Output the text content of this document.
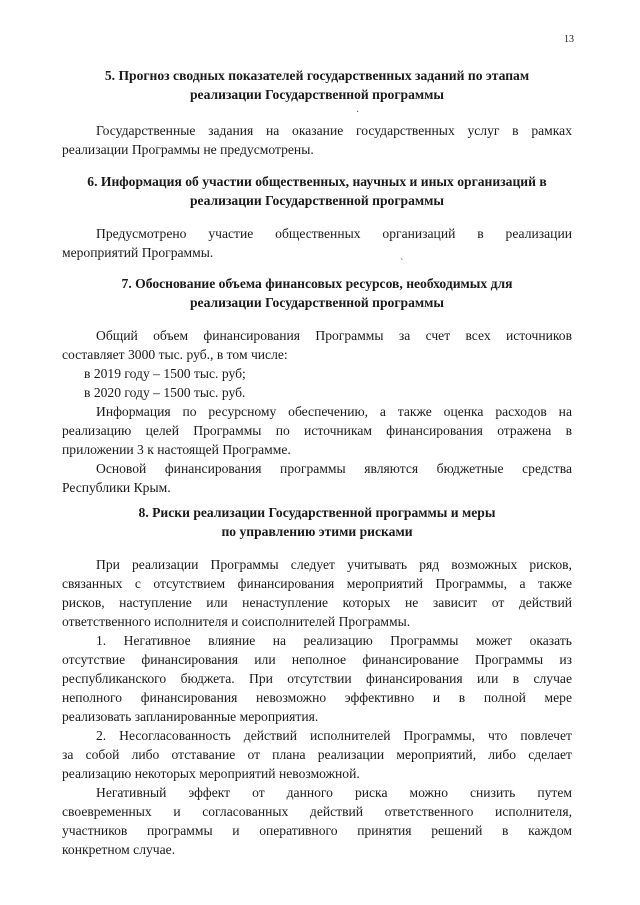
13
5. Прогноз сводных показателей государственных заданий по этапам
реализации Государственной программы
·
Государственные задания на оказание государственных услуг в рамках
реализации Программы не предусмотрены.
6. Информация об участии общественных, научных и иных организаций в
реализации Государственной программы
Предусмотрено участие общественных организаций в реализации
мероприятий Программы.
`
7. Обоснование объема финансовых ресурсов, необходимых для
реализации Государственной программы
Общий объем финансирования Программы за счет всех источников
составляет 3000 тыс. руб., в том числе:
в 2019 году – 1500 тыс. руб;
в 2020 году – 1500 тыс. руб.
Информация по ресурсному обеспечению, а также оценка расходов на
реализацию целей Программы по источникам финансирования отражена в
приложении 3 к настоящей Программе.
Основой финансирования программы являются бюджетные средства
Республики Крым.
8. Риски реализации Государственной программы и меры
по управлению этими рисками
При реализации Программы следует учитывать ряд возможных рисков,
связанных с отсутствием финансирования мероприятий Программы, а также
рисков, наступление или ненаступление которых не зависит от действий
ответственного исполнителя и соисполнителей Программы.
1. Негативное влияние на реализацию Программы может оказать
отсутствие финансирования или неполное финансирование Программы из
республиканского бюджета. При отсутствии финансирования или в случае
неполного финансирования невозможно эффективно и в полной мере
реализовать запланированные мероприятия.
2. Несогласованность действий исполнителей Программы, что повлечет
за собой либо отставание от плана реализации мероприятий, либо сделает
реализацию некоторых мероприятий невозможной.
Негативный эффект от данного риска можно снизить путем
своевременных и согласованных действий ответственного исполнителя,
участников программы и оперативного принятия решений в каждом
конкретном случае.
